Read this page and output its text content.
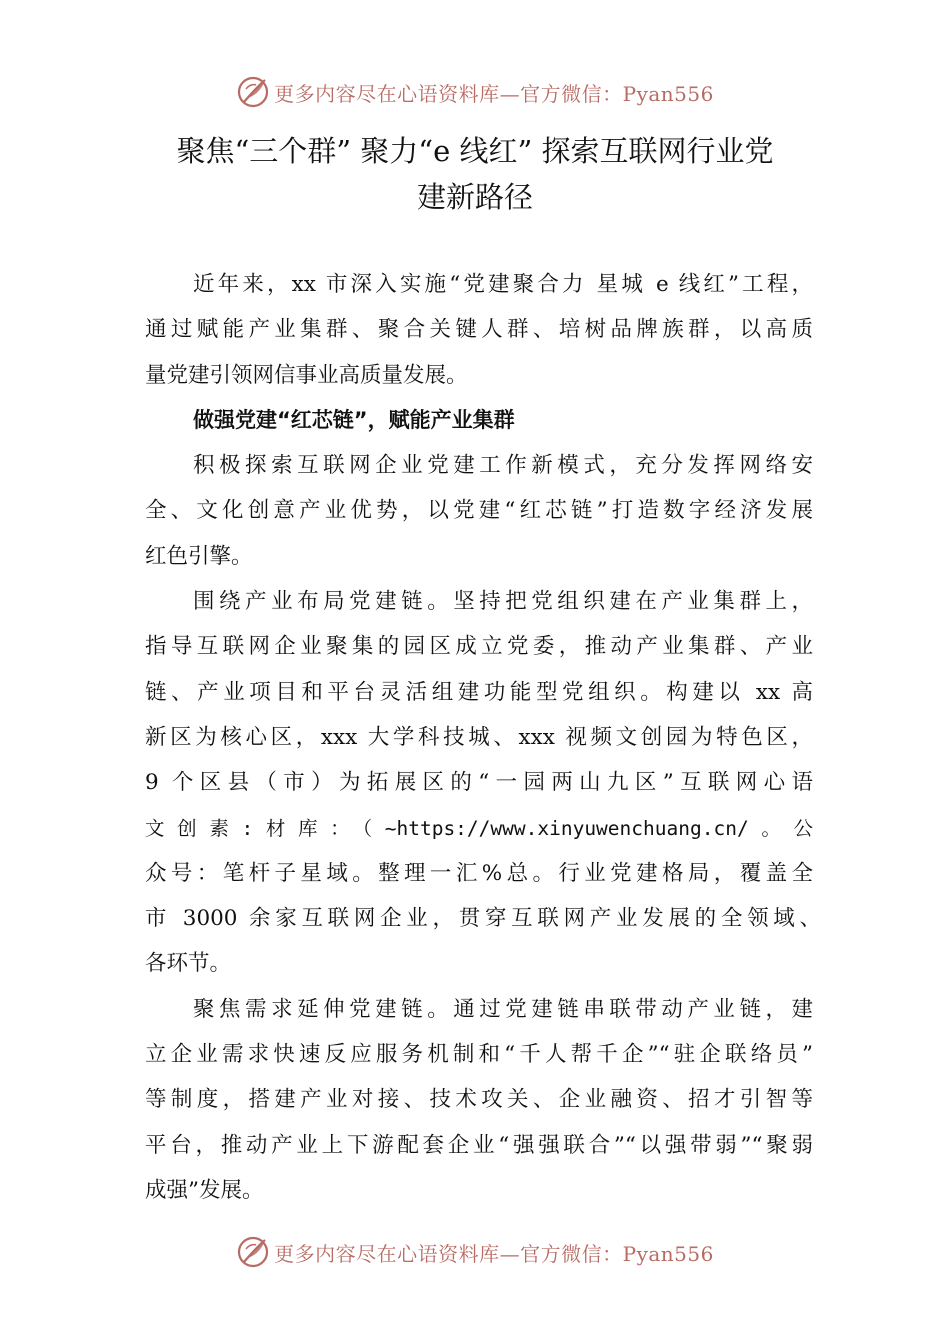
更多内容尽在心语资料库—官方微信：Pyan556
聚焦“三个群” 聚力“e 线红” 探索互联网行业党
建新路径
近年来，xx 市深入实施“党建聚合力 星城 e 线红”工程，
通过赋能产业集群、聚合关键人群、培树品牌族群，以高质
量党建引领网信事业高质量发展。
做强党建“红芯链”，赋能产业集群
积极探索互联网企业党建工作新模式，充分发挥网络安
全、文化创意产业优势，以党建“红芯链”打造数字经济发展
红色引擎。
围绕产业布局党建链。坚持把党组织建在产业集群上，
指导互联网企业聚集的园区成立党委，推动产业集群、产业
链、产业项目和平台灵活组建功能型党组织。构建以 xx 高
新区为核心区，xxx 大学科技城、xxx 视频文创园为特色区，
9 个区县（市）为拓展区的“一园两山九区”互联网心语
文创素:材库：（~https://www.xinyuwenchuang.cn/。公
众号：笔杆子星域。整理一汇%总。行业党建格局，覆盖全
市 3000 余家互联网企业，贯穿互联网产业发展的全领域、
各环节。
聚焦需求延伸党建链。通过党建链串联带动产业链，建
立企业需求快速反应服务机制和“千人帮千企”“驻企联络员”
等制度，搭建产业对接、技术攻关、企业融资、招才引智等
平台，推动产业上下游配套企业“强强联合”“以强带弱”“聚弱
成强”发展。
更多内容尽在心语资料库—官方微信：Pyan556
